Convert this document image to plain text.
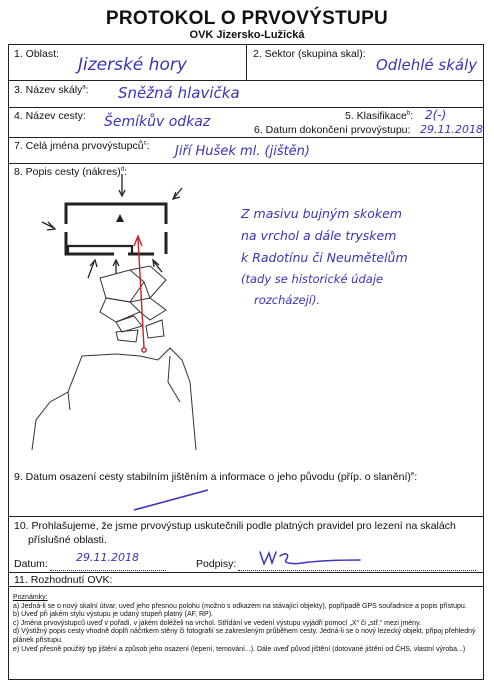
PROTOKOL O PRVOVÝSTUPU
OVK Jizersko-Lužická
1. Oblast:
Jizerské hory
2. Sektor (skupina skal):
Odlehlé skály
3. Název skály$^a$: Sněžná hlavička
4. Název cesty: Šemíkův odkaz	5. Klasifikace$^b$: 2(-)
6. Datum dokončení prvovýstupu: 29.11.2018
7. Celá jména prvovýstupců$^c$: Jiří Hušek ml. (jištěn)
8. Popis cesty (nákres)$^d$:
Z masivu bujným skokem
na vrchol a dále tryskem
k Radotínu či Neumětelům
(tady se historické údaje
rozcházejí).
9. Datum osazení cesty stabilním jištěním a informace o jeho původu (příp. o slanění)$^e$:
10. Prohlašujeme, že jsme prvovýstup uskutečnili podle platných pravidel pro lezení na skalách
příslušné oblasti.
Datum:	29.11.2018	Podpisy:
11. Rozhodnutí OVK:
Poznámky:
a) Jedná-li se o nový skalní útvar, uveď jeho přesnou polohu (možno s odkazem na stávající objekty), popřípadě GPS souřadnice a popis přístupu.
b) Uveď při jakém stylu výstupu je udaný stupeň platný (AF, RP).
c) Jména prvovýstupců uveď v pořadí, v jakém doléželi na vrchol. Střídání ve vedení výstupu vyjádři pomocí „X“ či „stř.“ mezi jmény.
d) Výstižný popis cesty vhodně doplň náčrtkem stěny či fotografií se zakresleným průběhem cesty. Jedná-li se o nový lezecký objekt, připoj přehledný plánek přístupu.
e) Uveď přesně použitý typ jištění a způsob jeho osazení (lepení, temování...). Dále uveď původ jištění (dotované jištění od ČHS, vlastní výroba...)
